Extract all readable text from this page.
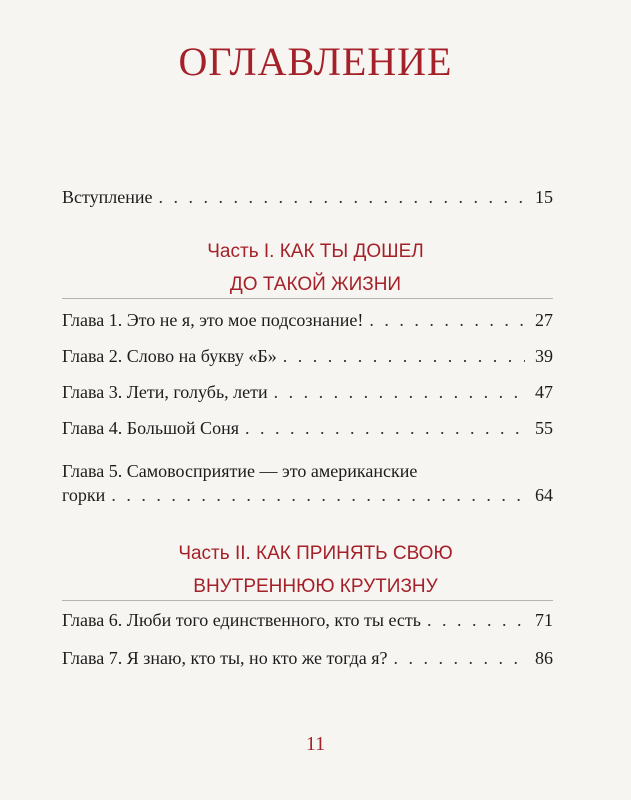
ОГЛАВЛЕНИЕ
Вступление . . .	15
Часть I. КАК ТЫ ДОШЕЛ
ДО ТАКОЙ ЖИЗНИ
Глава 1. Это не я, это мое подсознание! . . .	27
Глава 2. Слово на букву «Б» . . .	39
Глава 3. Лети, голубь, лети . . .	47
Глава 4. Большой Соня . . .	55
Глава 5. Самовосприятие — это американские
горки . . .	64
Часть II. КАК ПРИНЯТЬ СВОЮ
ВНУТРЕННЮЮ КРУТИЗНУ
Глава 6. Люби того единственного, кто ты есть . . .	71
Глава 7. Я знаю, кто ты, но кто же тогда я? . . .	86
11
